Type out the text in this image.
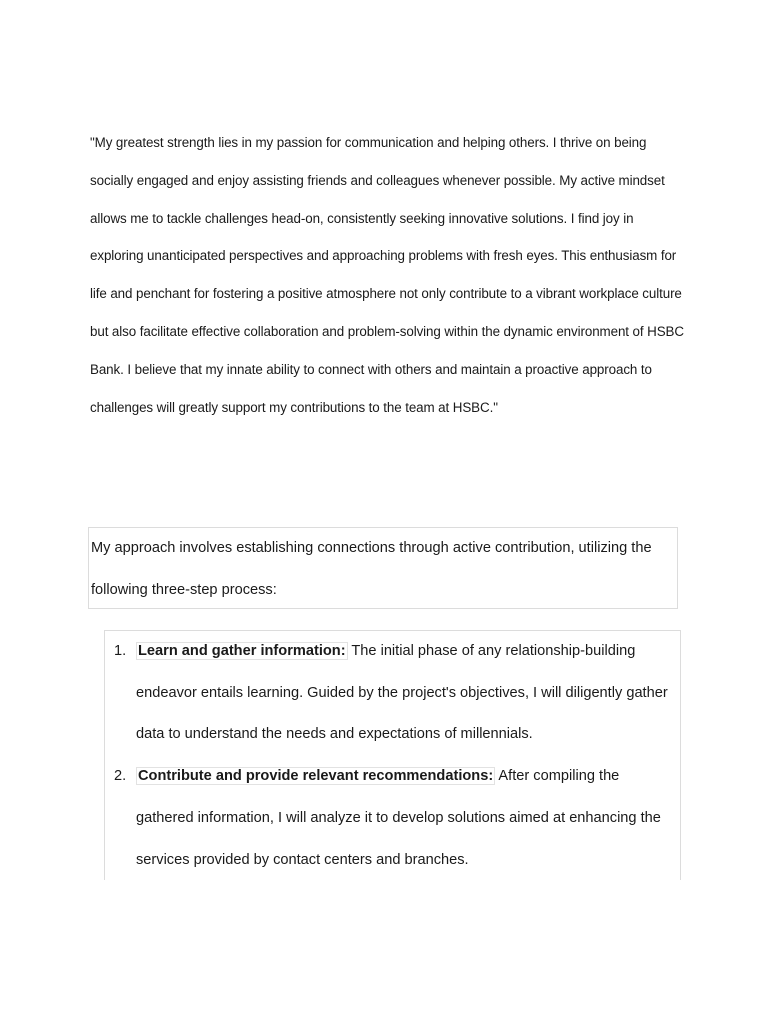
"My greatest strength lies in my passion for communication and helping others. I thrive on being socially engaged and enjoy assisting friends and colleagues whenever possible. My active mindset allows me to tackle challenges head-on, consistently seeking innovative solutions. I find joy in exploring unanticipated perspectives and approaching problems with fresh eyes. This enthusiasm for life and penchant for fostering a positive atmosphere not only contribute to a vibrant workplace culture but also facilitate effective collaboration and problem-solving within the dynamic environment of HSBC Bank. I believe that my innate ability to connect with others and maintain a proactive approach to challenges will greatly support my contributions to the team at HSBC."

My approach involves establishing connections through active contribution, utilizing the following three-step process:

1. Learn and gather information: The initial phase of any relationship-building endeavor entails learning. Guided by the project's objectives, I will diligently gather data to understand the needs and expectations of millennials.
2. Contribute and provide relevant recommendations: After compiling the gathered information, I will analyze it to develop solutions aimed at enhancing the services provided by contact centers and branches.
